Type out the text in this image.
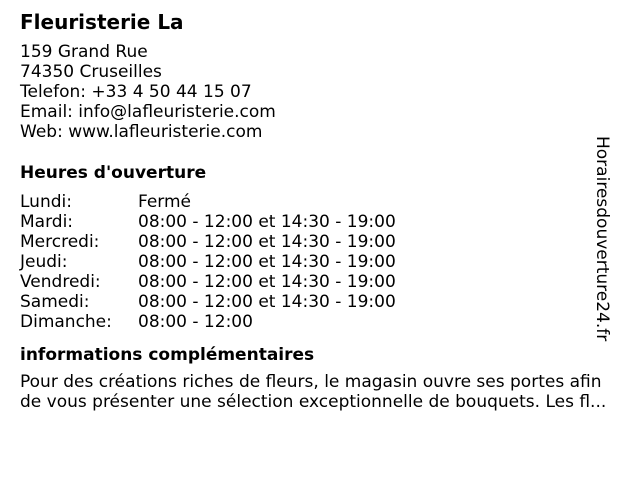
Fleuristerie La
159 Grand Rue
74350 Cruseilles
Telefon: +33 4 50 44 15 07
Email: info@lafleuristerie.com
Web: www.lafleuristerie.com
Heures d'ouverture
Lundi:	Fermé
Mardi:	08:00 - 12:00 et 14:30 - 19:00
Mercredi:	08:00 - 12:00 et 14:30 - 19:00
Jeudi:	08:00 - 12:00 et 14:30 - 19:00
Vendredi:	08:00 - 12:00 et 14:30 - 19:00
Samedi:	08:00 - 12:00 et 14:30 - 19:00
Dimanche:	08:00 - 12:00
informations complémentaires
Pour des créations riches de fleurs, le magasin ouvre ses portes afin
de vous présenter une sélection exceptionnelle de bouquets. Les fl...
Horairesdouverture24.fr
